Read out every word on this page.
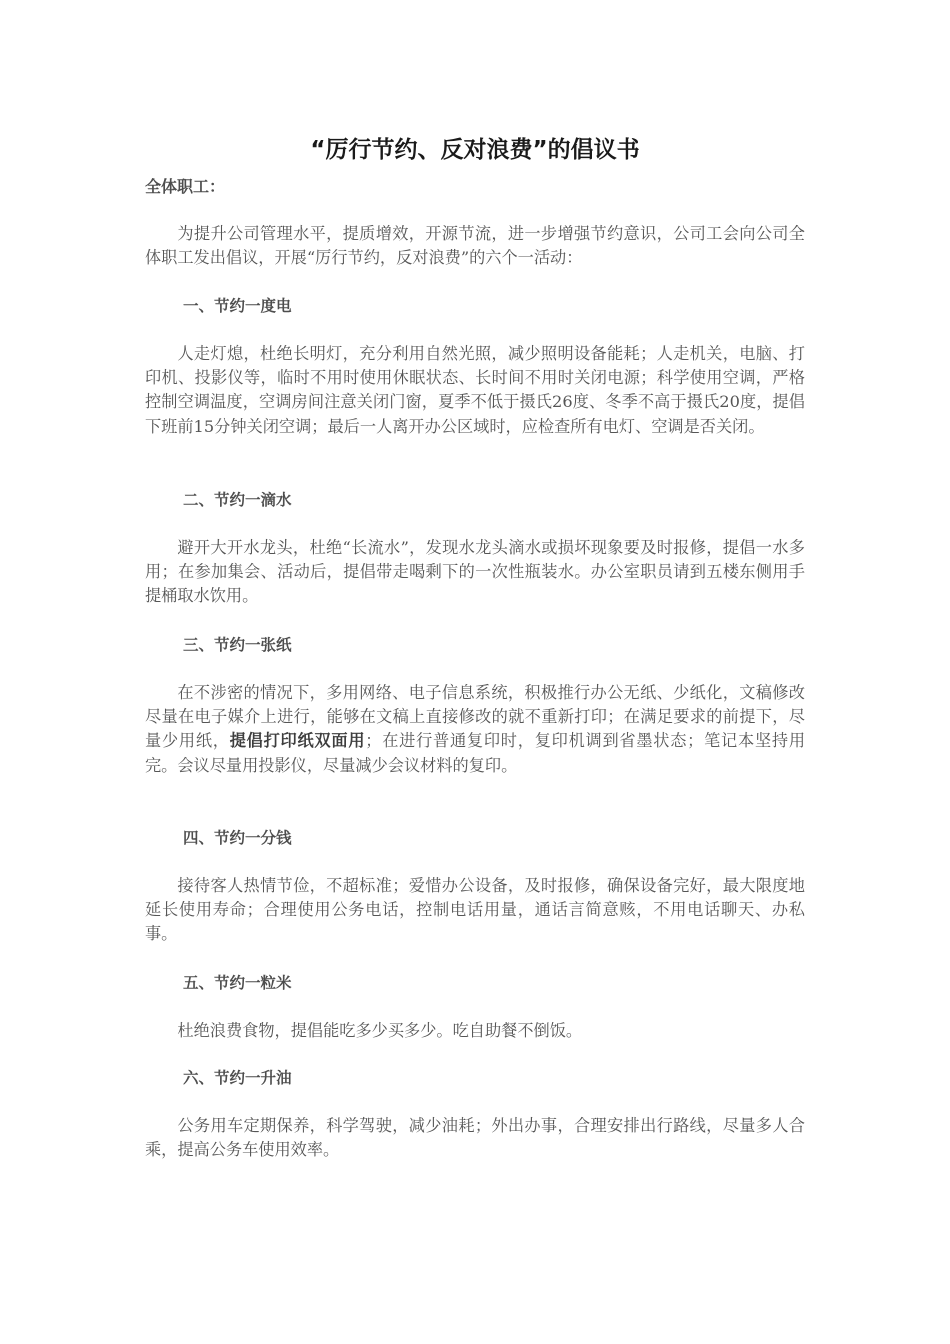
“厉行节约、反对浪费”的倡议书
全体职工：

为提升公司管理水平，提质增效，开源节流，进一步增强节约意识，公司工会向公司全体职工发出倡议，开展“厉行节约，反对浪费”的六个一活动：

一、节约一度电

人走灯熄，杜绝长明灯，充分利用自然光照，减少照明设备能耗；人走机关，电脑、打印机、投影仪等，临时不用时使用休眠状态、长时间不用时关闭电源；科学使用空调，严格控制空调温度，空调房间注意关闭门窗，夏季不低于摄氏26度、冬季不高于摄氏20度，提倡下班前15分钟关闭空调；最后一人离开办公区域时，应检查所有电灯、空调是否关闭。

二、节约一滴水

避开大开水龙头，杜绝“长流水”，发现水龙头滴水或损坏现象要及时报修，提倡一水多用；在参加集会、活动后，提倡带走喝剩下的一次性瓶装水。办公室职员请到五楼东侧用手提桶取水饮用。

三、节约一张纸

在不涉密的情况下，多用网络、电子信息系统，积极推行办公无纸、少纸化，文稿修改尽量在电子媒介上进行，能够在文稿上直接修改的就不重新打印；在满足要求的前提下，尽量少用纸，提倡打印纸双面用；在进行普通复印时，复印机调到省墨状态；笔记本坚持用完。会议尽量用投影仪，尽量减少会议材料的复印。

四、节约一分钱

接待客人热情节俭，不超标准；爱惜办公设备，及时报修，确保设备完好，最大限度地延长使用寿命；合理使用公务电话，控制电话用量，通话言简意赅，不用电话聊天、办私事。

五、节约一粒米

杜绝浪费食物，提倡能吃多少买多少。吃自助餐不倒饭。

六、节约一升油

公务用车定期保养，科学驾驶，减少油耗；外出办事，合理安排出行路线，尽量多人合乘，提高公务车使用效率。
